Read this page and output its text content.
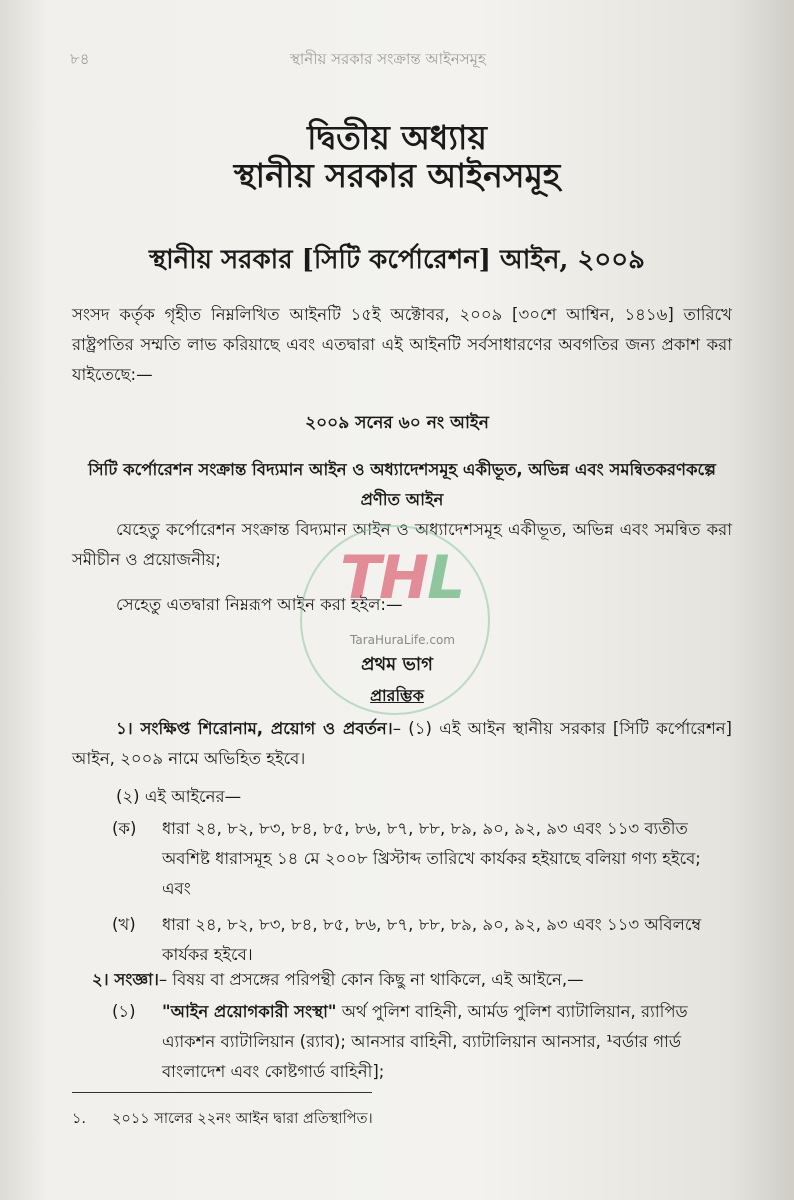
৮৪	স্থানীয় সরকার সংক্রান্ত আইনসমূহ
দ্বিতীয় অধ্যায়
স্থানীয় সরকার আইনসমূহ
স্থানীয় সরকার [সিটি কর্পোরেশন] আইন, ২০০৯
সংসদ কর্তৃক গৃহীত নিম্নলিখিত আইনটি ১৫ই অক্টোবর, ২০০৯ [৩০শে আশ্বিন, ১৪১৬] তারিখে রাষ্ট্রপতির সম্মতি লাভ করিয়াছে এবং এতদ্বারা এই আইনটি সর্বসাধারণের অবগতির জন্য প্রকাশ করা যাইতেছে:—
২০০৯ সনের ৬০ নং আইন
সিটি কর্পোরেশন সংক্রান্ত বিদ্যমান আইন ও অধ্যাদেশসমূহ একীভূত, অভিন্ন এবং সমন্বিতকরণকল্পে প্রণীত আইন
যেহেতু কর্পোরেশন সংক্রান্ত বিদ্যমান আইন ও অধ্যাদেশসমূহ একীভূত, অভিন্ন এবং সমন্বিত করা সমীচীন ও প্রয়োজনীয়;
সেহেতু এতদ্বারা নিম্নরূপ আইন করা হইল:—
THL
TaraHuraLife.com
প্রথম ভাগ
প্রারম্ভিক
১। সংক্ষিপ্ত শিরোনাম, প্রয়োগ ও প্রবর্তন।– (১) এই আইন স্থানীয় সরকার [সিটি কর্পোরেশন] আইন, ২০০৯ নামে অভিহিত হইবে।
(২) এই আইনের—
(ক) ধারা ২৪, ৮২, ৮৩, ৮৪, ৮৫, ৮৬, ৮৭, ৮৮, ৮৯, ৯০, ৯২, ৯৩ এবং ১১৩ ব্যতীত অবশিষ্ট ধারাসমূহ ১৪ মে ২০০৮ খ্রিস্টাব্দ তারিখে কার্যকর হইয়াছে বলিয়া গণ্য হইবে; এবং
(খ) ধারা ২৪, ৮২, ৮৩, ৮৪, ৮৫, ৮৬, ৮৭, ৮৮, ৮৯, ৯০, ৯২, ৯৩ এবং ১১৩ অবিলম্বে কার্যকর হইবে।
২। সংজ্ঞা।– বিষয় বা প্রসঙ্গের পরিপন্থী কোন কিছু না থাকিলে, এই আইনে,—
(১) "আইন প্রয়োগকারী সংস্থা" অর্থ পুলিশ বাহিনী, আর্মড পুলিশ ব্যাটালিয়ান, র‍্যাপিড এ্যাকশন ব্যাটালিয়ান (র‍্যাব); আনসার বাহিনী, ব্যাটালিয়ান আনসার, ¹বর্ডার গার্ড বাংলাদেশ এবং কোষ্টগার্ড বাহিনী];
১. ২০১১ সালের ২২নং আইন দ্বারা প্রতিস্থাপিত।
